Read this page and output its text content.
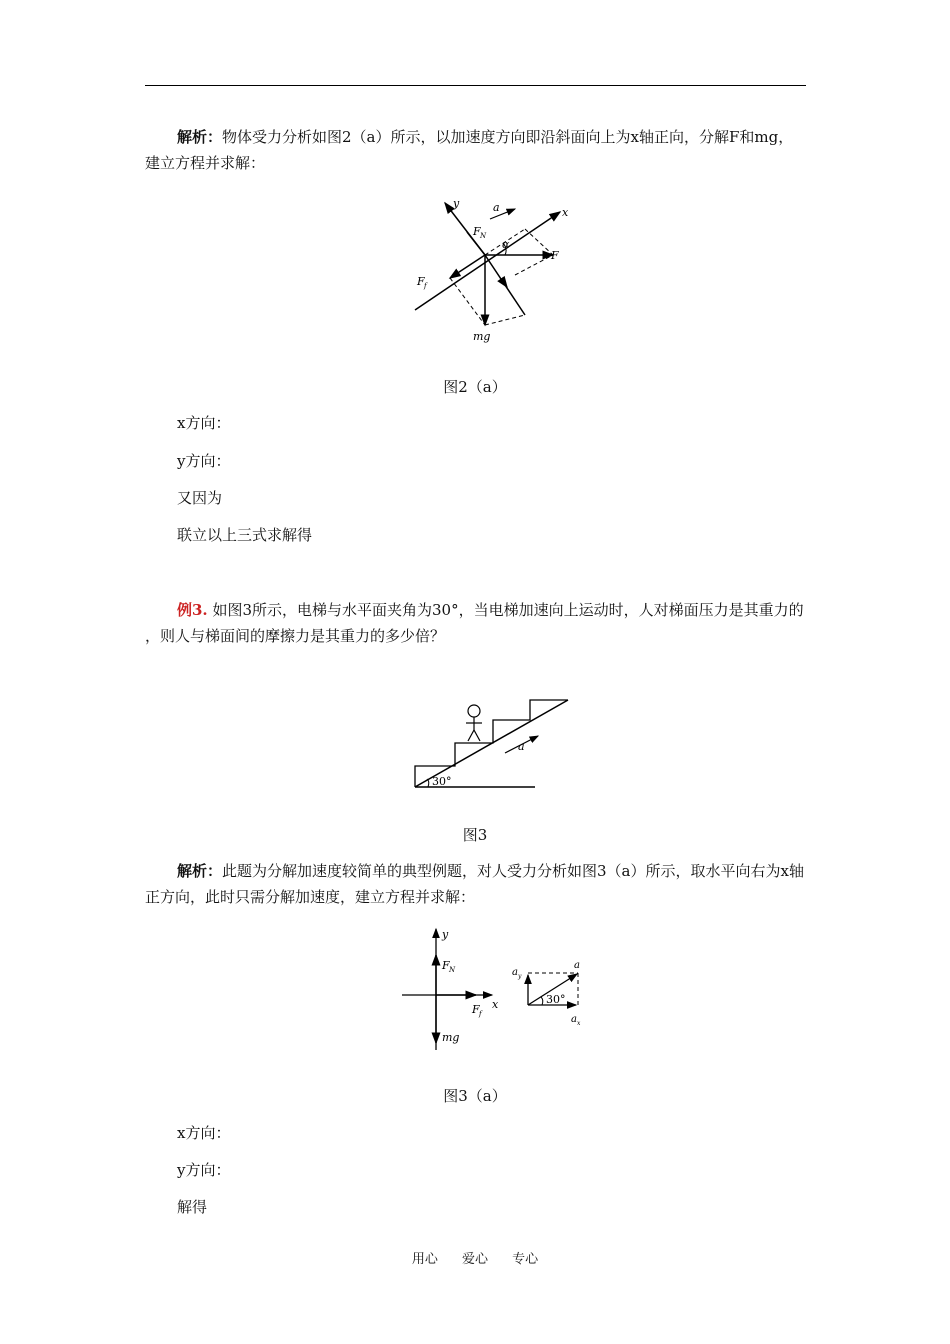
解析：物体受力分析如图2（a）所示，以加速度方向即沿斜面向上为x轴正向，分解F和mg，建立方程并求解：
y	a	x
F N
α
F
F f
mg
图2（a）
x方向：
y方向：
又因为
联立以上三式求解得
例3. 如图3所示，电梯与水平面夹角为30°，当电梯加速向上运动时，人对梯面压力是其重力的 ，则人与梯面间的摩擦力是其重力的多少倍？
a
30°
图3
解析：此题为分解加速度较简单的典型例题，对人受力分析如图3（a）所示，取水平向右为x轴正方向，此时只需分解加速度，建立方程并求解：
y
F N
F f
x
mg
a y
a
30°
a x
图3（a）
x方向：
y方向：
解得
用心 爱心 专心
